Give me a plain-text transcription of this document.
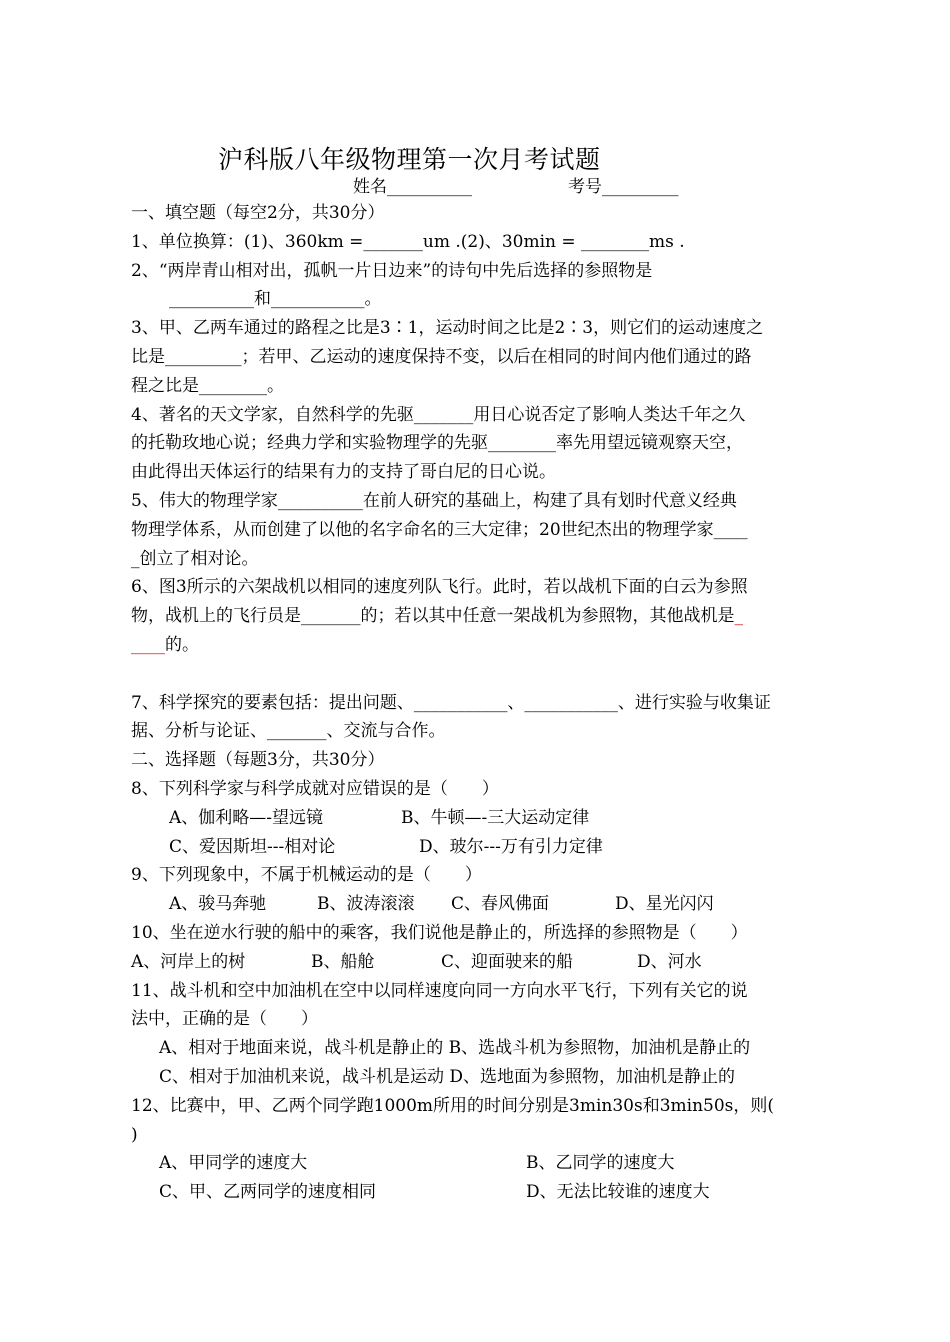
沪科版八年级物理第一次月考试题
姓名__________	考号_________

一、填空题（每空2分，共30分）

1、单位换算：(1)、360km =_______um .(2)、30min = ________ms .

2、“两岸青山相对出，孤帆一片日边来”的诗句中先后选择的参照物是

__________和___________。

3、甲、乙两车通过的路程之比是3∶1，运动时间之比是2∶3，则它们的运动速度之

比是_________；若甲、乙运动的速度保持不变，以后在相同的时间内他们通过的路

程之比是________。

4、著名的天文学家，自然科学的先驱_______用日心说否定了影响人类达千年之久

的托勒玫地心说；经典力学和实验物理学的先驱________率先用望远镜观察天空，

由此得出天体运行的结果有力的支持了哥白尼的日心说。

5、伟大的物理学家__________在前人研究的基础上，构建了具有划时代意义经典

物理学体系，从而创建了以他的名字命名的三大定律；20世纪杰出的物理学家____

_创立了相对论。

6、图3所示的六架战机以相同的速度列队飞行。此时，若以战机下面的白云为参照

物，战机上的飞行员是_______的；若以其中任意一架战机为参照物，其他战机是_

____的。

7、科学探究的要素包括：提出问题、___________、___________、进行实验与收集证

据、分析与论证、_______、交流与合作。

二、选择题（每题3分，共30分）

8、下列科学家与科学成就对应错误的是（　　）

A、伽利略—-望远镜	B、牛顿—-三大运动定律

C、爱因斯坦---相对论	D、玻尔---万有引力定律

9、下列现象中，不属于机械运动的是（　　）

A、骏马奔驰	B、波涛滚滚 C、春风佛面	D、星光闪闪

10、坐在逆水行驶的船中的乘客，我们说他是静止的，所选择的参照物是（　　）

A、河岸上的树	B、船舱	C、迎面驶来的船	D、河水

11、战斗机和空中加油机在空中以同样速度向同一方向水平飞行，下列有关它的说

法中，正确的是（　　）

A、相对于地面来说，战斗机是静止的 B、选战斗机为参照物，加油机是静止的

C、相对于加油机来说，战斗机是运动 D、选地面为参照物，加油机是静止的

12、比赛中，甲、乙两个同学跑1000m所用的时间分别是3min30s和3min50s，则(

)

A、甲同学的速度大	B、乙同学的速度大

C、甲、乙两同学的速度相同	D、无法比较谁的速度大
